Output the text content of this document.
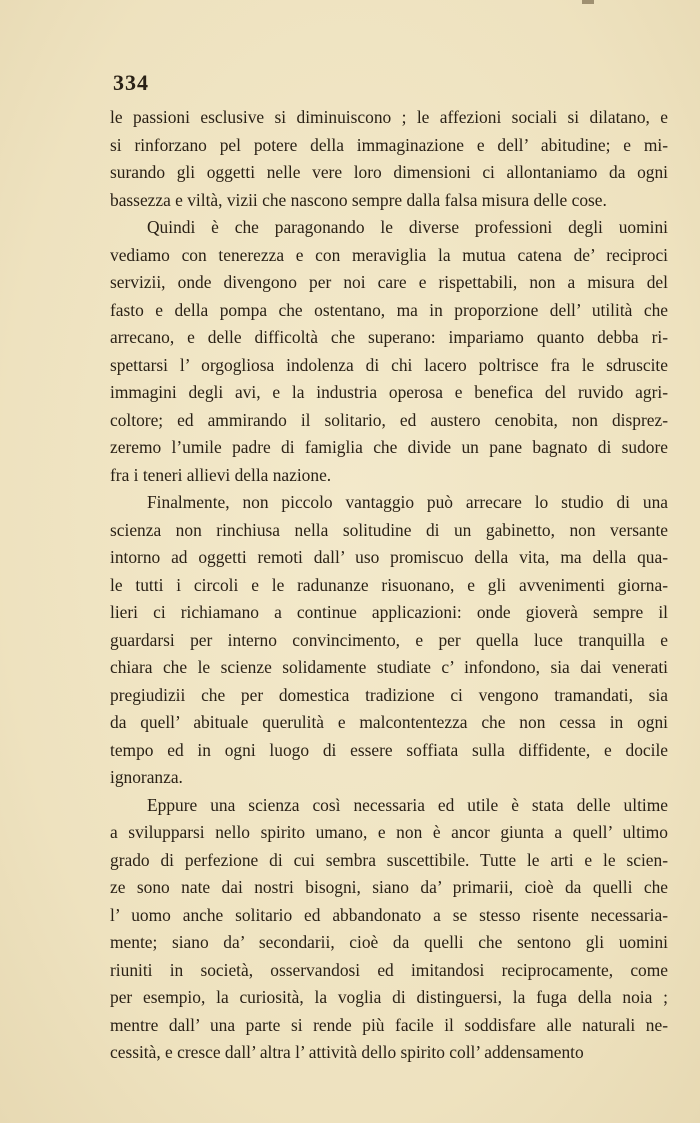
334
le passioni esclusive si diminuiscono ; le affezioni sociali si dilatano, e
si rinforzano pel potere della immaginazione e dell’ abitudine; e mi-
surando gli oggetti nelle vere loro dimensioni ci allontaniamo da ogni
bassezza e viltà, vizii che nascono sempre dalla falsa misura delle cose.
Quindi è che paragonando le diverse professioni degli uomini
vediamo con tenerezza e con meraviglia la mutua catena de’ reciproci
servizii, onde divengono per noi care e rispettabili, non a misura del
fasto e della pompa che ostentano, ma in proporzione dell’ utilità che
arrecano, e delle difficoltà che superano: impariamo quanto debba ri-
spettarsi l’ orgogliosa indolenza di chi lacero poltrisce fra le sdruscite
immagini degli avi, e la industria operosa e benefica del ruvido agri-
coltore; ed ammirando il solitario, ed austero cenobita, non disprez-
zeremo l’umile padre di famiglia che divide un pane bagnato di sudore
fra i teneri allievi della nazione.
Finalmente, non piccolo vantaggio può arrecare lo studio di una
scienza non rinchiusa nella solitudine di un gabinetto, non versante
intorno ad oggetti remoti dall’ uso promiscuo della vita, ma della qua-
le tutti i circoli e le radunanze risuonano, e gli avvenimenti giorna-
lieri ci richiamano a continue applicazioni: onde gioverà sempre il
guardarsi per interno convincimento, e per quella luce tranquilla e
chiara che le scienze solidamente studiate c’ infondono, sia dai venerati
pregiudizii che per domestica tradizione ci vengono tramandati, sia
da quell’ abituale querulità e malcontentezza che non cessa in ogni
tempo ed in ogni luogo di essere soffiata sulla diffidente, e docile
ignoranza.
Eppure una scienza così necessaria ed utile è stata delle ultime
a svilupparsi nello spirito umano, e non è ancor giunta a quell’ ultimo
grado di perfezione di cui sembra suscettibile. Tutte le arti e le scien-
ze sono nate dai nostri bisogni, siano da’ primarii, cioè da quelli che
l’ uomo anche solitario ed abbandonato a se stesso risente necessaria-
mente; siano da’ secondarii, cioè da quelli che sentono gli uomini
riuniti in società, osservandosi ed imitandosi reciprocamente, come
per esempio, la curiosità, la voglia di distinguersi, la fuga della noia ;
mentre dall’ una parte si rende più facile il soddisfare alle naturali ne-
cessità, e cresce dall’ altra l’ attività dello spirito coll’ addensamento
